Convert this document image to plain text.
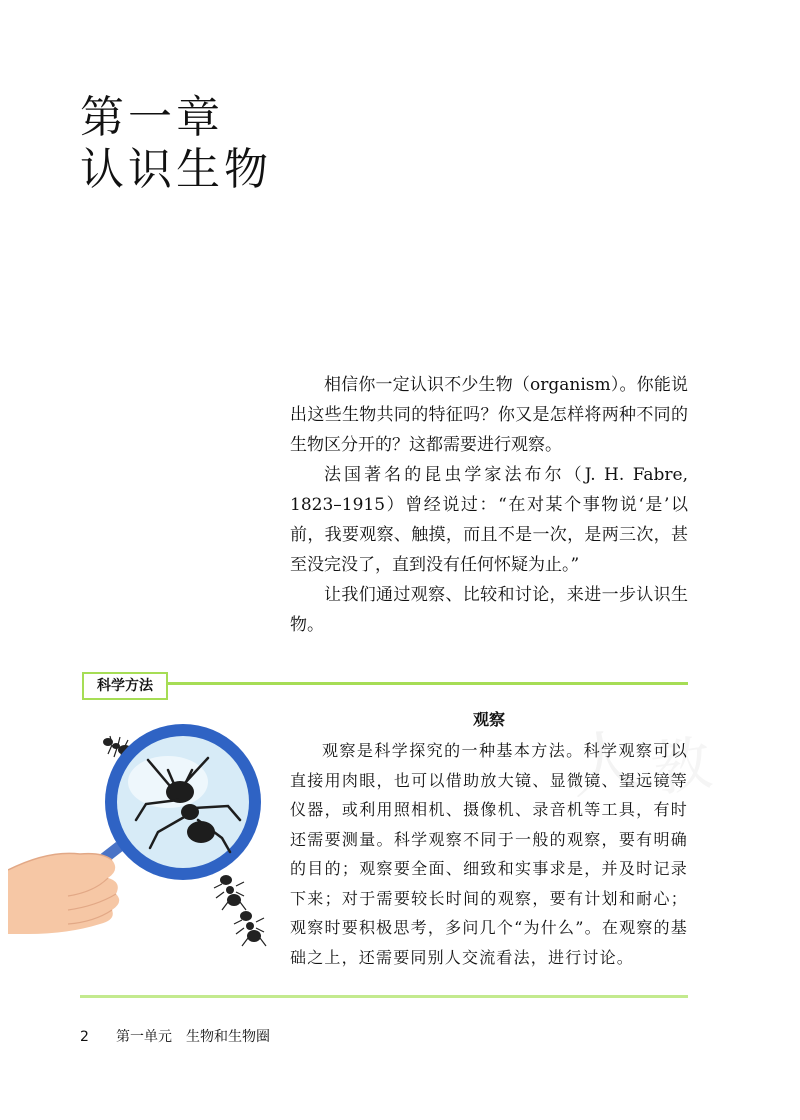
第一章
认识生物

相信你一定认识不少生物（organism）。你能说出这些生物共同的特征吗？你又是怎样将两种不同的生物区分开的？这都需要进行观察。

法国著名的昆虫学家法布尔（J. H. Fabre, 1823–1915）曾经说过：“在对某个事物说‘是’以前，我要观察、触摸，而且不是一次，是两三次，甚至没完没了，直到没有任何怀疑为止。”

让我们通过观察、比较和讨论，来进一步认识生物。

科学方法
人 教
观察

观察是科学探究的一种基本方法。科学观察可以直接用肉眼，也可以借助放大镜、显微镜、望远镜等仪器，或利用照相机、摄像机、录音机等工具，有时还需要测量。科学观察不同于一般的观察，要有明确的目的；观察要全面、细致和实事求是，并及时记录下来；对于需要较长时间的观察，要有计划和耐心；观察时要积极思考，多问几个“为什么”。在观察的基础之上，还需要同别人交流看法，进行讨论。

2 第一单元　生物和生物圈
